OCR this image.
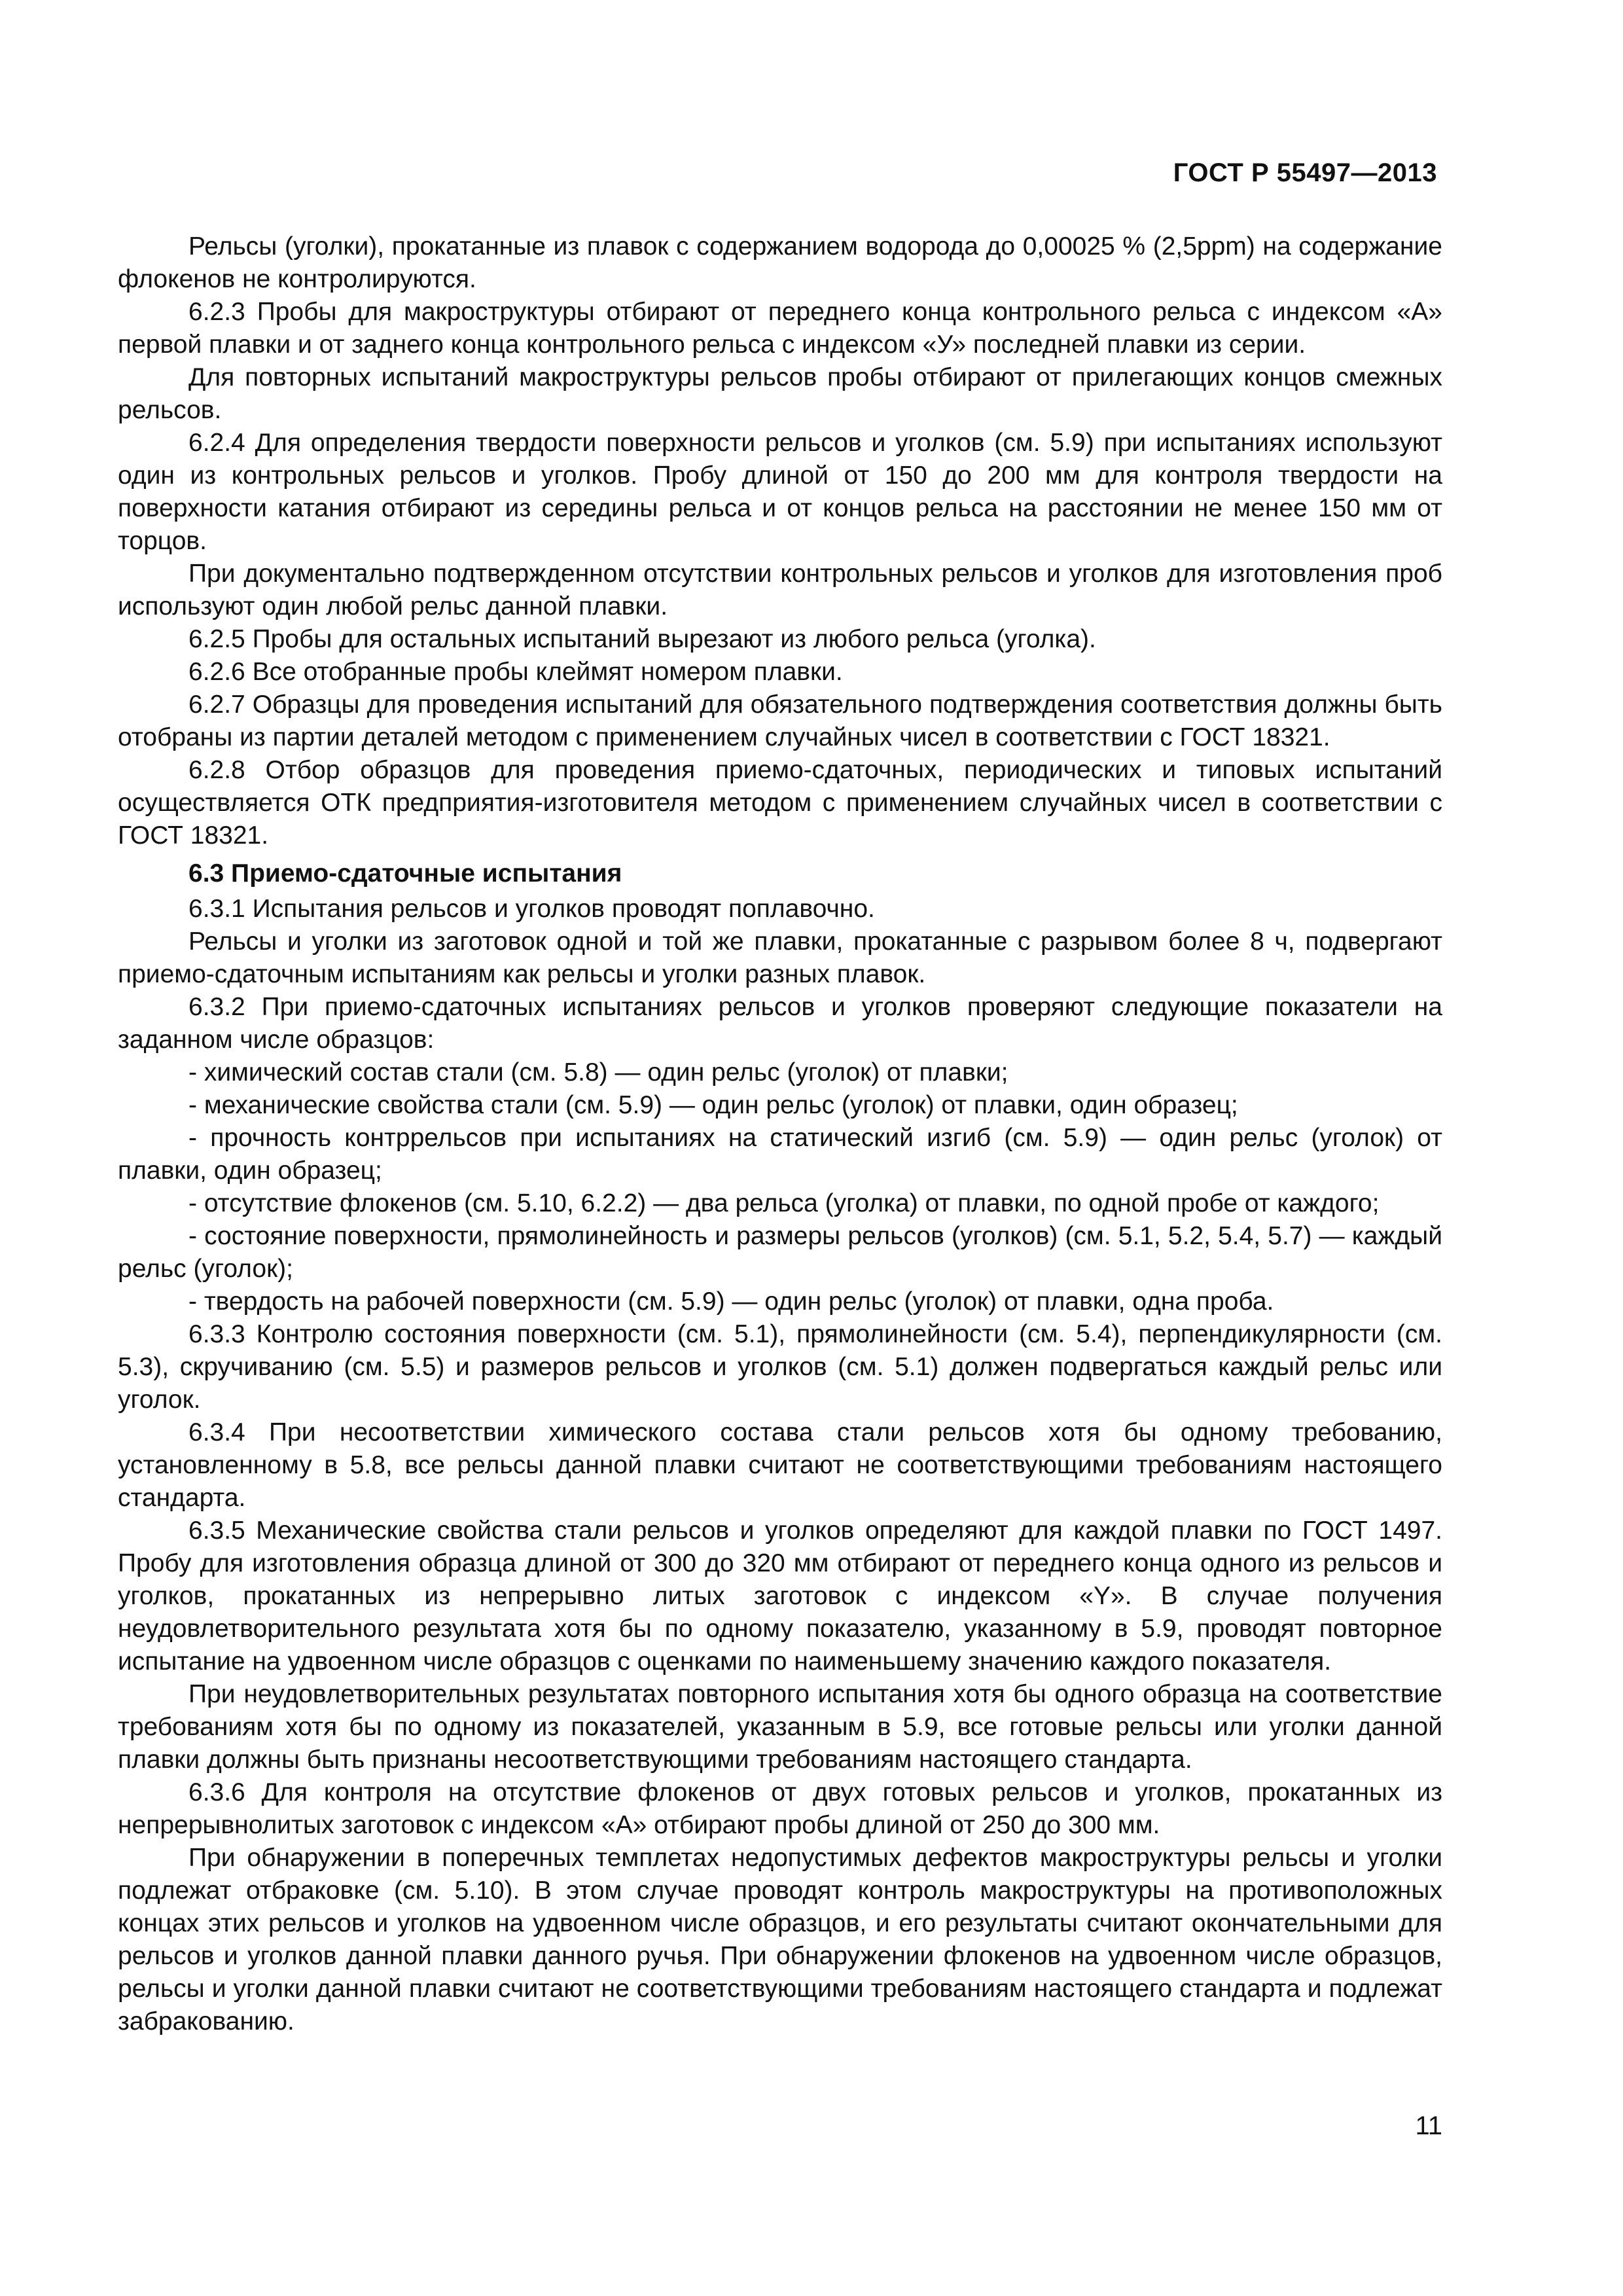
ГОСТ Р 55497—2013

Рельсы (уголки), прокатанные из плавок с содержанием водорода до 0,00025 % (2,5ppm) на содержание флокенов не контролируются.

6.2.3 Пробы для макроструктуры отбирают от переднего конца контрольного рельса с индексом «А» первой плавки и от заднего конца контрольного рельса с индексом «У» последней плавки из серии.

Для повторных испытаний макроструктуры рельсов пробы отбирают от прилегающих концов смежных рельсов.

6.2.4 Для определения твердости поверхности рельсов и уголков (см. 5.9) при испытаниях используют один из контрольных рельсов и уголков. Пробу длиной от 150 до 200 мм для контроля твердости на поверхности катания отбирают из середины рельса и от концов рельса на расстоянии не менее 150 мм от торцов.

При документально подтвержденном отсутствии контрольных рельсов и уголков для изготовления проб используют один любой рельс данной плавки.

6.2.5 Пробы для остальных испытаний вырезают из любого рельса (уголка).

6.2.6 Все отобранные пробы клеймят номером плавки.

6.2.7 Образцы для проведения испытаний для обязательного подтверждения соответствия должны быть отобраны из партии деталей методом с применением случайных чисел в соответствии с ГОСТ 18321.

6.2.8 Отбор образцов для проведения приемо-сдаточных, периодических и типовых испытаний осуществляется ОТК предприятия-изготовителя методом с применением случайных чисел в соответствии с ГОСТ 18321.

6.3 Приемо-сдаточные испытания

6.3.1 Испытания рельсов и уголков проводят поплавочно.

Рельсы и уголки из заготовок одной и той же плавки, прокатанные с разрывом более 8 ч, подвергают приемо-сдаточным испытаниям как рельсы и уголки разных плавок.

6.3.2 При приемо-сдаточных испытаниях рельсов и уголков проверяют следующие показатели на заданном числе образцов:

- химический состав стали (см. 5.8) — один рельс (уголок) от плавки;

- механические свойства стали (см. 5.9) — один рельс (уголок) от плавки, один образец;

- прочность контррельсов при испытаниях на статический изгиб (см. 5.9) — один рельс (уголок) от плавки, один образец;

- отсутствие флокенов (см. 5.10, 6.2.2) — два рельса (уголка) от плавки, по одной пробе от каждого;

- состояние поверхности, прямолинейность и размеры рельсов (уголков) (см. 5.1, 5.2, 5.4, 5.7) — каждый рельс (уголок);

- твердость на рабочей поверхности (см. 5.9) — один рельс (уголок) от плавки, одна проба.

6.3.3 Контролю состояния поверхности (см. 5.1), прямолинейности (см. 5.4), перпендикулярности (см. 5.3), скручиванию (см. 5.5) и размеров рельсов и уголков (см. 5.1) должен подвергаться каждый рельс или уголок.

6.3.4 При несоответствии химического состава стали рельсов хотя бы одному требованию, установленному в 5.8, все рельсы данной плавки считают не соответствующими требованиям настоящего стандарта.

6.3.5 Механические свойства стали рельсов и уголков определяют для каждой плавки по ГОСТ 1497. Пробу для изготовления образца длиной от 300 до 320 мм отбирают от переднего конца одного из рельсов и уголков, прокатанных из непрерывно литых заготовок с индексом «Y». В случае получения неудовлетворительного результата хотя бы по одному показателю, указанному в 5.9, проводят повторное испытание на удвоенном числе образцов с оценками по наименьшему значению каждого показателя.

При неудовлетворительных результатах повторного испытания хотя бы одного образца на соответствие требованиям хотя бы по одному из показателей, указанным в 5.9, все готовые рельсы или уголки данной плавки должны быть признаны несоответствующими требованиям настоящего стандарта.

6.3.6 Для контроля на отсутствие флокенов от двух готовых рельсов и уголков, прокатанных из непрерывнолитых заготовок с индексом «А» отбирают пробы длиной от 250 до 300 мм.

При обнаружении в поперечных темплетах недопустимых дефектов макроструктуры рельсы и уголки подлежат отбраковке (см. 5.10). В этом случае проводят контроль макроструктуры на противоположных концах этих рельсов и уголков на удвоенном числе образцов, и его результаты считают окончательными для рельсов и уголков данной плавки данного ручья. При обнаружении флокенов на удвоенном числе образцов, рельсы и уголки данной плавки считают не соответствующими требованиям настоящего стандарта и подлежат забракованию.

11
